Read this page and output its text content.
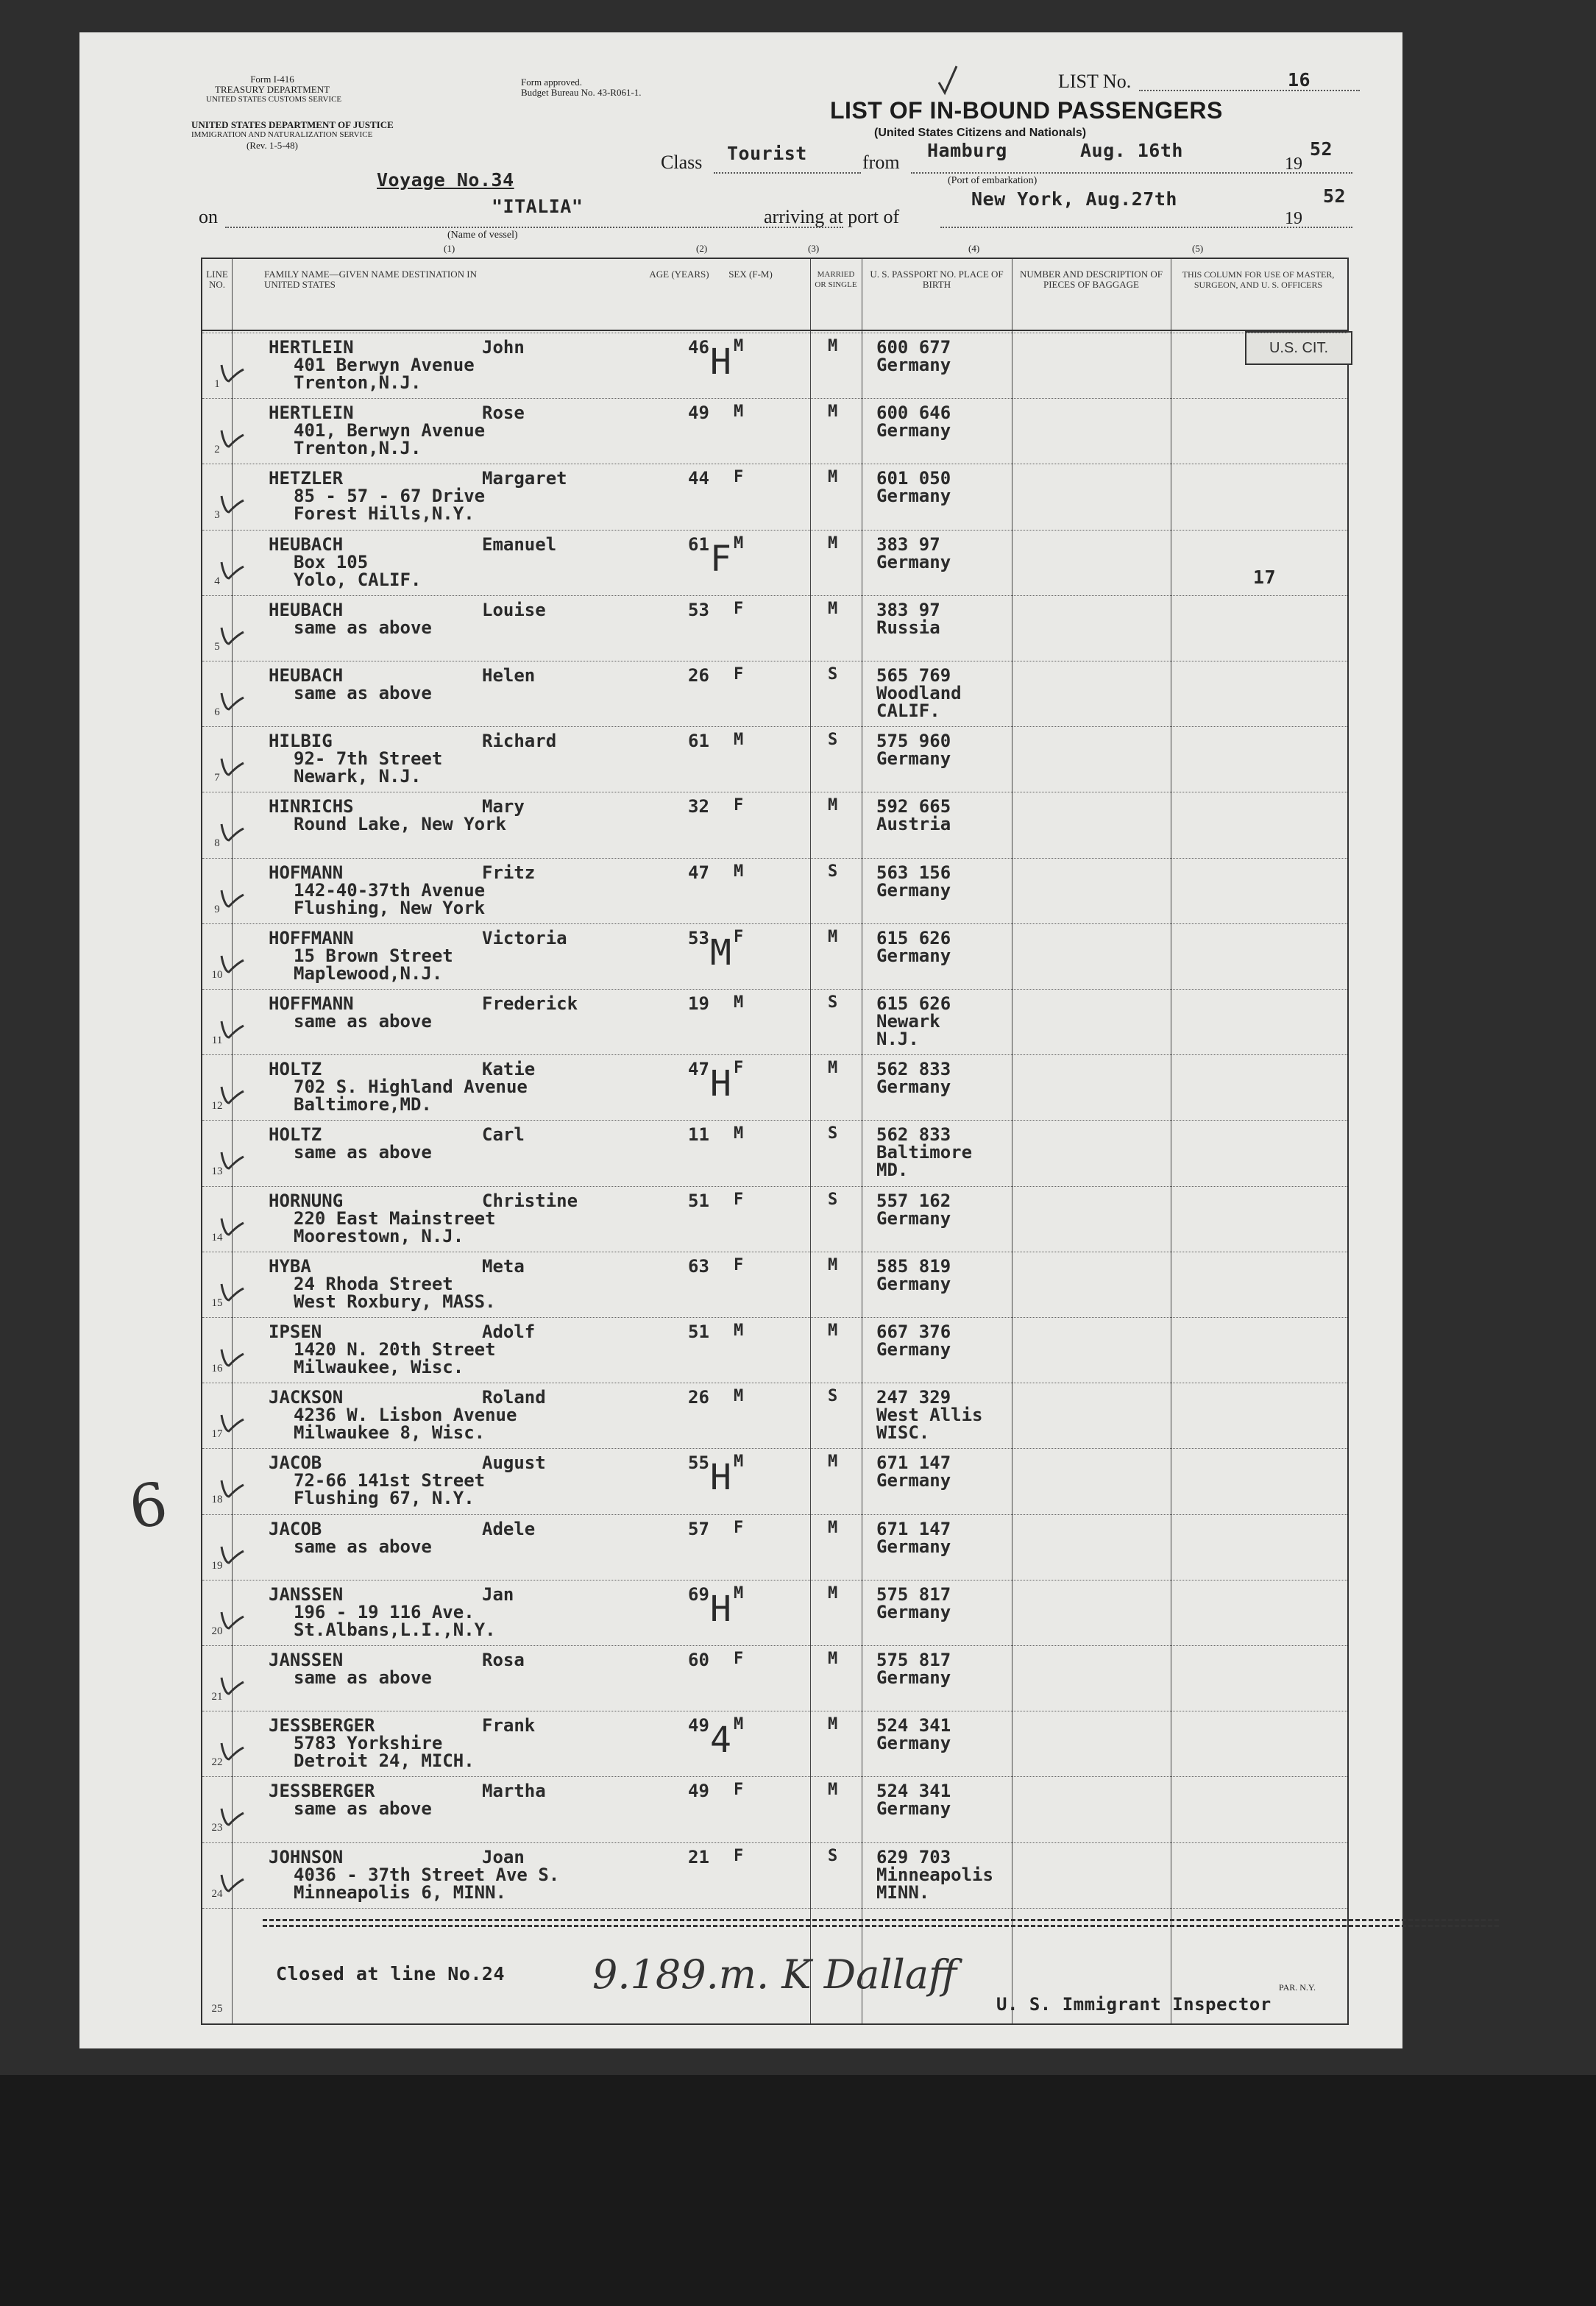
Form I-416
TREASURY DEPARTMENT
UNITED STATES CUSTOMS SERVICE
UNITED STATES DEPARTMENT OF JUSTICE
IMMIGRATION AND NATURALIZATION SERVICE
(Rev. 1-5-48)
Form approved.
Budget Bureau No. 43-R061-1.
LIST No.	16
LIST OF IN-BOUND PASSENGERS
(United States Citizens and Nationals)
Class Tourist	from
Hamburg	Aug. 16th
19
52
(Port of embarkation)
Voyage No.34
on	"ITALIA"	arriving at port of
New York, Aug.27th
19
52
(Name of vessel)
(1)	(2)	(3)	(4)	(5)
LINE NO.
FAMILY NAME—GIVEN NAME DESTINATION IN UNITED STATES
AGE (YEARS)	SEX (F-M)	MARRIED OR SINGLE
U. S. PASSPORT NO. PLACE OF BIRTH
NUMBER AND DESCRIPTION OF PIECES OF BAGGAGE
THIS COLUMN FOR USE OF MASTER, SURGEON, AND U. S. OFFICERS
U.S. CIT.
17
1
HERTLEIN	John
401 Berwyn Avenue
Trenton,N.J.
46 M	M 600 677
Germany
H
2
HERTLEIN	Rose
401, Berwyn Avenue
Trenton,N.J.
49 M	M 600 646
Germany
3
HETZLER	Margaret
85 - 57 - 67 Drive
Forest Hills,N.Y.
44 F	M 601 050
Germany
4
HEUBACH	Emanuel
Box 105
Yolo, CALIF.
61 M	M 383 97
Germany
F
5
HEUBACH	Louise
same as above
53 F	M 383 97
Russia
6
HEUBACH	Helen
same as above
26 F	S 565 769
Woodland
CALIF.
7
HILBIG	Richard
92- 7th Street
Newark, N.J.
61 M	S 575 960
Germany
8
HINRICHS	Mary
Round Lake, New York
32 F	M 592 665
Austria
9
HOFMANN	Fritz
142-40-37th Avenue
Flushing, New York
47 M	S 563 156
Germany
10
HOFFMANN	Victoria
15 Brown Street
Maplewood,N.J.
53 F	M 615 626
Germany
M
11
HOFFMANN	Frederick
same as above
19 M	S 615 626
Newark
N.J.
12
HOLTZ	Katie
702 S. Highland Avenue
Baltimore,MD.
47 F	M 562 833
Germany
H
13
HOLTZ	Carl
same as above
11 M	S 562 833
Baltimore
MD.
14
HORNUNG	Christine
220 East Mainstreet
Moorestown, N.J.
51 F	S 557 162
Germany
15
HYBA	Meta
24 Rhoda Street
West Roxbury, MASS.
63 F	M 585 819
Germany
16
IPSEN	Adolf
1420 N. 20th Street
Milwaukee, Wisc.
51 M	M 667 376
Germany
17
JACKSON	Roland
4236 W. Lisbon Avenue
Milwaukee 8, Wisc.
26 M	S 247 329
West Allis
WISC.
18
JACOB	August
72-66 141st Street
Flushing 67, N.Y.
55 M	M 671 147
Germany
H
19
JACOB	Adele
same as above
57 F	M 671 147
Germany
20
JANSSEN	Jan
196 - 19 116 Ave.
St.Albans,L.I.,N.Y.
69 M	M 575 817
Germany
H
21
JANSSEN	Rosa
same as above
60 F	M 575 817
Germany
22
JESSBERGER	Frank
5783 Yorkshire
Detroit 24, MICH.
49 M	M 524 341
Germany
4
23
JESSBERGER	Martha
same as above
49 F	M 524 341
Germany
24
JOHNSON	Joan
4036 - 37th Street Ave S.
Minneapolis 6, MINN.
21 F	S 629 703
Minneapolis
MINN.
Closed at line No.24 9.189.m. K Dallaff
25	U. S. Immigrant Inspector
PAR. N.Y.
6
